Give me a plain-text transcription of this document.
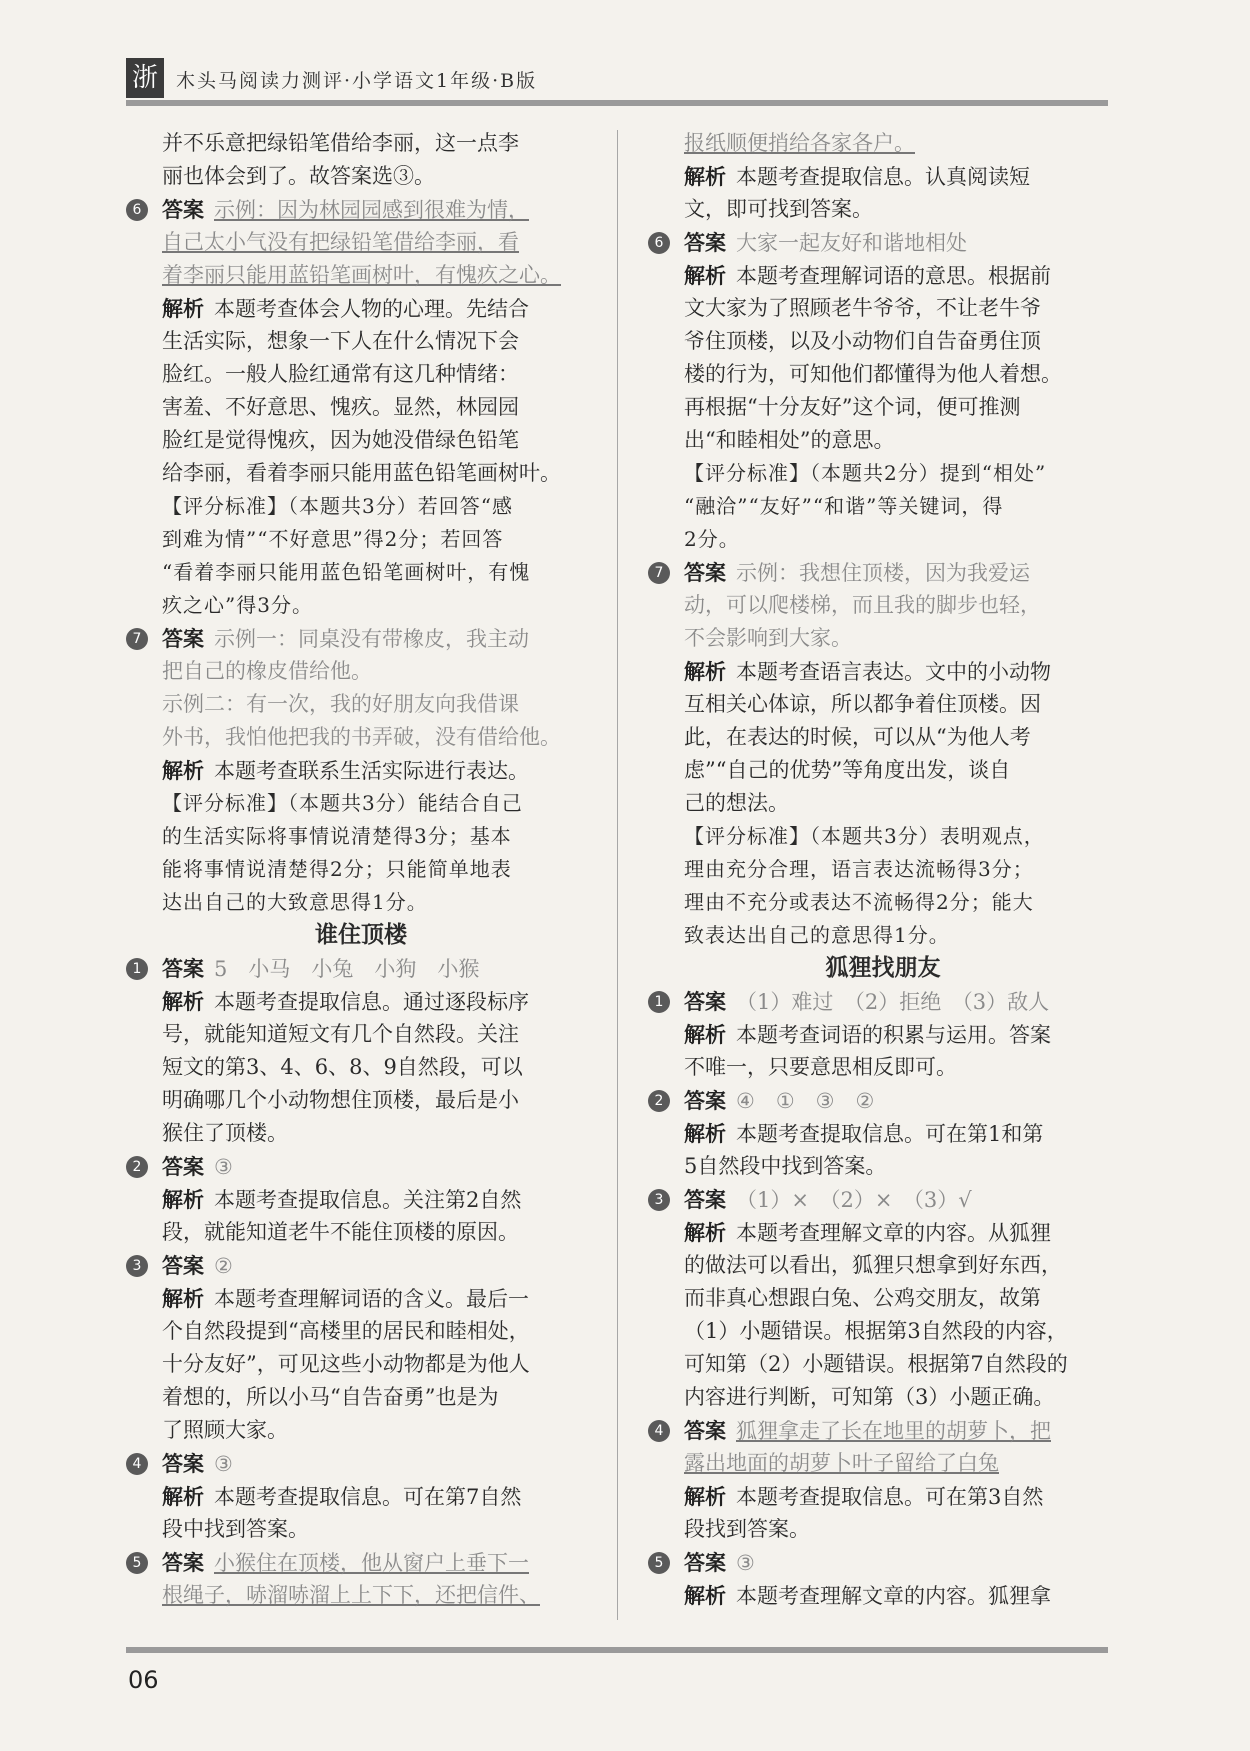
浙 木头马阅读力测评·小学语文1年级·B版
并不乐意把绿铅笔借给李丽，这一点李
丽也体会到了。故答案选③。
6 答案 示例：因为林园园感到很难为情，
自己太小气没有把绿铅笔借给李丽，看
着李丽只能用蓝铅笔画树叶，有愧疚之心。
解析 本题考查体会人物的心理。先结合
生活实际，想象一下人在什么情况下会
脸红。一般人脸红通常有这几种情绪：
害羞、不好意思、愧疚。显然，林园园
脸红是觉得愧疚，因为她没借绿色铅笔
给李丽，看着李丽只能用蓝色铅笔画树叶。
【评分标准】（本题共3分）若回答“感
到难为情”“不好意思”得2分；若回答
“看着李丽只能用蓝色铅笔画树叶，有愧
疚之心”得3分。
7 答案 示例一：同桌没有带橡皮，我主动
把自己的橡皮借给他。
示例二：有一次，我的好朋友向我借课
外书，我怕他把我的书弄破，没有借给他。
解析 本题考查联系生活实际进行表达。
【评分标准】（本题共3分）能结合自己
的生活实际将事情说清楚得3分；基本
能将事情说清楚得2分；只能简单地表
达出自己的大致意思得1分。
谁住顶楼
1 答案 5　小马　小兔　小狗　小猴
解析 本题考查提取信息。通过逐段标序
号，就能知道短文有几个自然段。关注
短文的第3、4、6、8、9自然段，可以
明确哪几个小动物想住顶楼，最后是小
猴住了顶楼。
2 答案 ③
解析 本题考查提取信息。关注第2自然
段，就能知道老牛不能住顶楼的原因。
3 答案 ②
解析 本题考查理解词语的含义。最后一
个自然段提到“高楼里的居民和睦相处，
十分友好”，可见这些小动物都是为他人
着想的，所以小马“自告奋勇”也是为
了照顾大家。
4 答案 ③
解析 本题考查提取信息。可在第7自然
段中找到答案。
5 答案 小猴住在顶楼，他从窗户上垂下一
根绳子，哧溜哧溜上上下下，还把信件、
报纸顺便捎给各家各户。
解析 本题考查提取信息。认真阅读短
文，即可找到答案。
6 答案 大家一起友好和谐地相处
解析 本题考查理解词语的意思。根据前
文大家为了照顾老牛爷爷，不让老牛爷
爷住顶楼，以及小动物们自告奋勇住顶
楼的行为，可知他们都懂得为他人着想。
再根据“十分友好”这个词，便可推测
出“和睦相处”的意思。
【评分标准】（本题共2分）提到“相处”
“融洽”“友好”“和谐”等关键词，得
2分。
7 答案 示例：我想住顶楼，因为我爱运
动，可以爬楼梯，而且我的脚步也轻，
不会影响到大家。
解析 本题考查语言表达。文中的小动物
互相关心体谅，所以都争着住顶楼。因
此，在表达的时候，可以从“为他人考
虑”“自己的优势”等角度出发，谈自
己的想法。
【评分标准】（本题共3分）表明观点，
理由充分合理，语言表达流畅得3分；
理由不充分或表达不流畅得2分；能大
致表达出自己的意思得1分。
狐狸找朋友
1 答案 （1）难过　（2）拒绝　（3）敌人
解析 本题考查词语的积累与运用。答案
不唯一，只要意思相反即可。
2 答案 ④　①　③　②
解析 本题考查提取信息。可在第1和第
5自然段中找到答案。
3 答案 （1）×　（2）×　（3）√
解析 本题考查理解文章的内容。从狐狸
的做法可以看出，狐狸只想拿到好东西，
而非真心想跟白兔、公鸡交朋友，故第
（1）小题错误。根据第3自然段的内容，
可知第（2）小题错误。根据第7自然段的
内容进行判断，可知第（3）小题正确。
4 答案 狐狸拿走了长在地里的胡萝卜，把
露出地面的胡萝卜叶子留给了白兔
解析 本题考查提取信息。可在第3自然
段找到答案。
5 答案 ③
解析 本题考查理解文章的内容。狐狸拿
06
